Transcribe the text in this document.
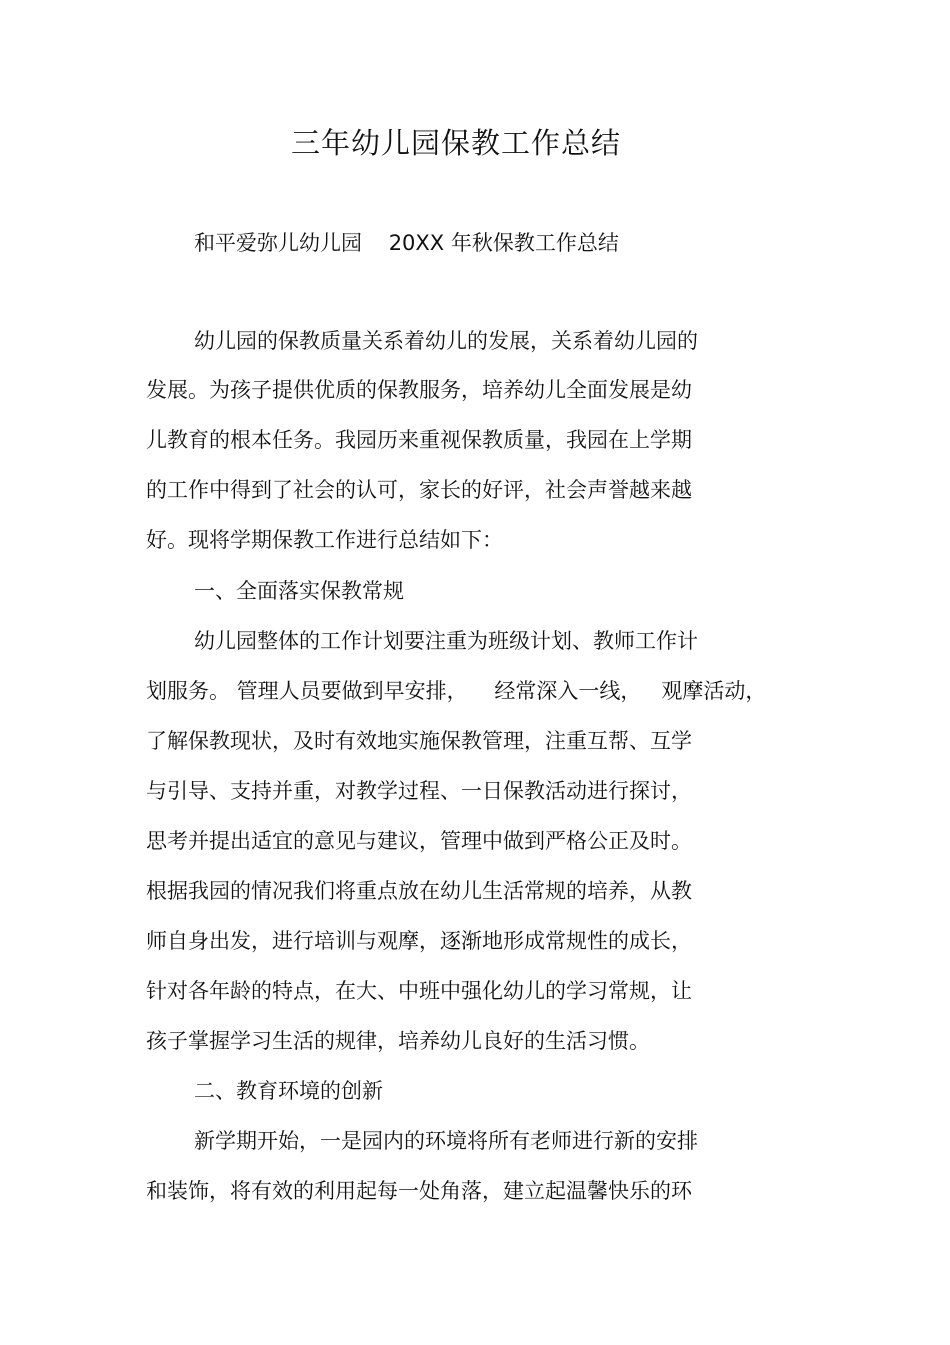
三年幼儿园保教工作总结

和平爱弥儿幼儿园    20XX 年秋保教工作总结

幼儿园的保教质量关系着幼儿的发展，关系着幼儿园的

发展。为孩子提供优质的保教服务，培养幼儿全面发展是幼

儿教育的根本任务。我园历来重视保教质量，我园在上学期

的工作中得到了社会的认可，家长的好评，社会声誉越来越

好。现将学期保教工作进行总结如下：

一、全面落实保教常规

幼儿园整体的工作计划要注重为班级计划、教师工作计

划服务。 管理人员要做到早安排，    经常深入一线，   观摩活动，

了解保教现状，及时有效地实施保教管理，注重互帮、互学

与引导、支持并重，对教学过程、一日保教活动进行探讨，

思考并提出适宜的意见与建议，管理中做到严格公正及时。

根据我园的情况我们将重点放在幼儿生活常规的培养，从教

师自身出发，进行培训与观摩，逐渐地形成常规性的成长，

针对各年龄的特点，在大、中班中强化幼儿的学习常规，让

孩子掌握学习生活的规律，培养幼儿良好的生活习惯。

二、教育环境的创新

新学期开始，一是园内的环境将所有老师进行新的安排

和装饰，将有效的利用起每一处角落，建立起温馨快乐的环
